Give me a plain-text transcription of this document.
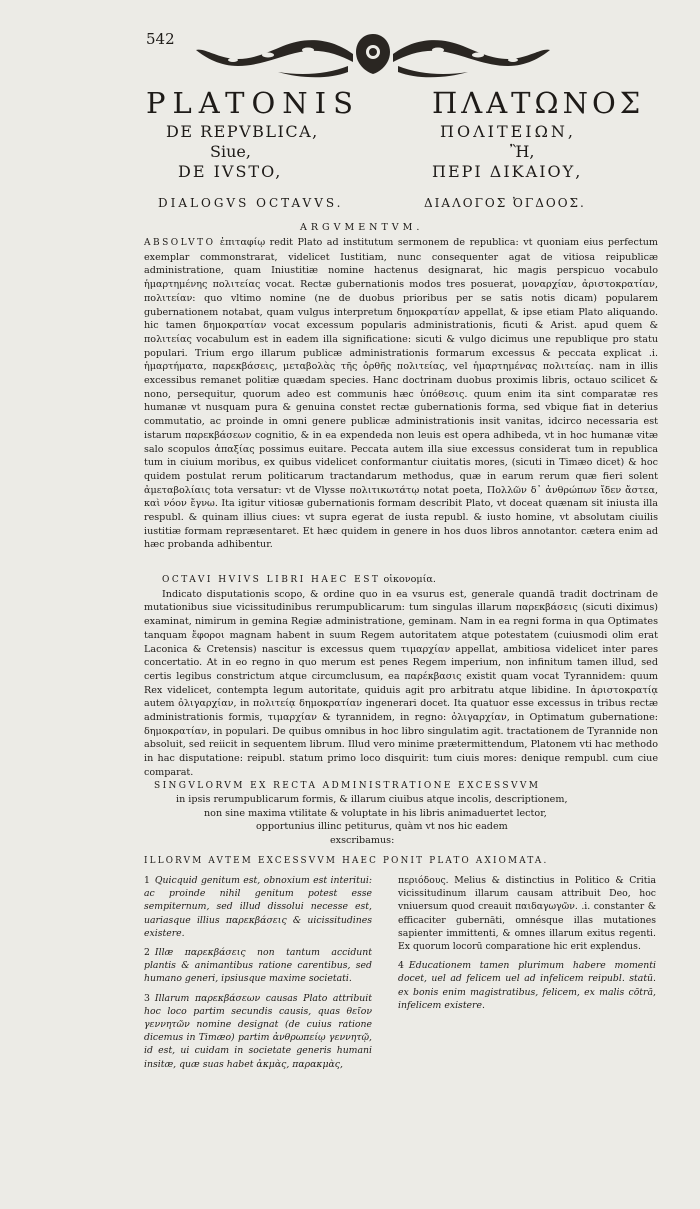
542
PLATONIS ΠΛΑΤΩΝΟΣ
DE REPVBLICA,
Siue,
DE IVSTO,
DIALOGVS OCTAVVS.
ΠΟΛΙΤΕΙΩΝ,
Ἢ,
ΠΕΡΙ ΔΙΚΑΙΟΥ,
ΔΙΑΛΟΓΟΣ ὈΓΔΟΟΣ.
ARGVMENTVM.

ABSOLVTO ἐπιταφίῳ redit Plato ad institutum sermonem de republica: vt quoniam eius perfectum exemplar commonstrarat, videlicet Iustitiam, nunc consequenter agat de vitiosa reipublicæ administratione, quam Iniustitiæ nomine hactenus designarat, hic magis perspicuo vocabulo ἡμαρτημένης πολιτείας vocat. Rectæ gubernationis modos tres posuerat, μοναρχίαν, ἀριστοκρατίαν, πολιτείαν: quo vltimo nomine (ne de duobus prioribus per se satis notis dicam) popularem gubernationem notabat, quam vulgus interpretum δημοκρατίαν appellat, & ipse etiam Plato aliquando. hic tamen δημοκρατίαν vocat excessum popularis administrationis, ficuti & Arist. apud quem & πολιτείας vocabulum est in eadem illa significatione: sicuti & vulgo dicimus une republique pro statu populari. Trium ergo illarum publicæ administrationis formarum excessus & peccata explicat .i. ἡμαρτήματα, παρεκβάσεις, μεταβολὰς τῆς ὀρθῆς πολιτείας, vel ἡμαρτημένας πολιτείας. nam in illis excessibus remanet politiæ quædam species. Hanc doctrinam duobus proximis libris, octauo scilicet & nono, persequitur, quorum adeo est communis hæc ὑπόθεσις. quum enim ita sint comparatæ res humanæ vt nusquam pura & genuina constet rectæ gubernationis forma, sed vbique fiat in deterius commutatio, ac proinde in omni genere publicæ administrationis insit vanitas, idcirco necessaria est istarum παρεκβάσεων cognitio, & in ea expendeda non leuis est opera adhibeda, vt in hoc humanæ vitæ salo scopulos ἀπαξίας possimus euitare. Peccata autem illa siue excessus considerat tum in republica tum in ciuium moribus, ex quibus videlicet conformantur ciuitatis mores, (sicuti in Timæo dicet) & hoc quidem postulat rerum politicarum tractandarum methodus, quæ in earum rerum quæ fieri solent ἀμεταβολίαις tota versatur: vt de Vlysse πολιτικωτάτῳ notat poeta, Πολλῶν δ᾽ ἀνθρώπων ἴδεν ἄστεα, καὶ νόον ἔγνω. Ita igitur vitiosæ gubernationis formam describit Plato, vt doceat quænam sit iniusta illa respubl. & quinam illius ciues: vt supra egerat de iusta republ. & iusto homine, vt absolutam ciuilis iustitiæ formam repræsentaret. Et hæc quidem in genere in hos duos libros annotantor. cætera enim ad hæc probanda adhibentur.

OCTAVI HVIVS LIBRI HAEC EST οἰκονομία.

Indicato disputationis scopo, & ordine quo in ea vsurus est, generale quandā tradit doctrinam de mutationibus siue vicissitudinibus rerumpublicarum: tum singulas illarum παρεκβάσεις (sicuti diximus) examinat, nimirum in gemina Regiæ administratione, geminam. Nam in ea regni forma in qua Optimates tanquam ἔφοροι magnam habent in suum Regem autoritatem atque potestatem (cuiusmodi olim erat Laconica & Cretensis) nascitur is excessus quem τιμαρχίαν appellat, ambitiosa videlicet inter pares concertatio. At in eo regno in quo merum est penes Regem imperium, non infinitum tamen illud, sed certis legibus constrictum atque circumclusum, ea παρέκβασις existit quam vocat Tyrannidem: quum Rex videlicet, contempta legum autoritate, quiduis agit pro arbitratu atque libidine. In ἀριστοκρατίᾳ autem ὀλιγαρχίαν, in πολιτείᾳ δημοκρατίαν ingenerari docet. Ita quatuor esse excessus in tribus rectæ administrationis formis, τιμαρχίαν & tyrannidem, in regno: ὀλιγαρχίαν, in Optimatum gubernatione: δημοκρατίαν, in populari. De quibus omnibus in hoc libro singulatim agit. tractationem de Tyrannide non absoluit, sed reiicit in sequentem librum. Illud vero minime prætermittendum, Platonem vti hac methodo in hac disputatione: reipubl. statum primo loco disquirit: tum ciuis mores: denique rempubl. cum ciue comparat.

SINGVLORVM EX RECTA ADMINISTRATIONE EXCESSVVM
in ipsis rerumpublicarum formis, & illarum ciuibus atque incolis, descriptionem,
non sine maxima vtilitate & voluptate in his libris animaduertet lector,
opportunius illinc petiturus, quàm vt nos hic eadem
exscribamus:
ILLORVM AVTEM EXCESSVVM HAEC PONIT PLATO AXIOMATA.

1 Quicquid genitum est, obnoxium est interitui: ac proinde nihil genitum potest esse sempiternum, sed illud dissolui necesse est, uariasque illius παρεκβάσεις & uicissitudines existere.

2 Illæ παρεκβάσεις non tantum accidunt plantis & animantibus ratione carentibus, sed humano generi, ipsiusque maxime societati.

3 Illarum παρεκβάσεων causas Plato attribuit hoc loco partim secundis causis, quas θεῖον γεννητῶν nomine designat (de cuius ratione dicemus in Timæo) partim ἀνθρωπείῳ γεννητῷ, id est, ui cuidam in societate generis humani insitæ, quæ suas habet ἀκμὰς, παρακμὰς,

περιόδους. Melius & distinctius in Politico & Critia vicissitudinum illarum causam attribuit Deo, hoc vniuersum quod creauit παιδαγωγῶν. .i. constanter & efficaciter gubernāti, omnésque illas mutationes sapienter immittenti, & omnes illarum exitus regenti. Ex quorum locorū comparatione hic erit explendus.

4 Educationem tamen plurimum habere momenti docet, uel ad felicem uel ad infelicem reipubl. statū. ex bonis enim magistratibus, felicem, ex malis cōtrā, infelicem existere.
